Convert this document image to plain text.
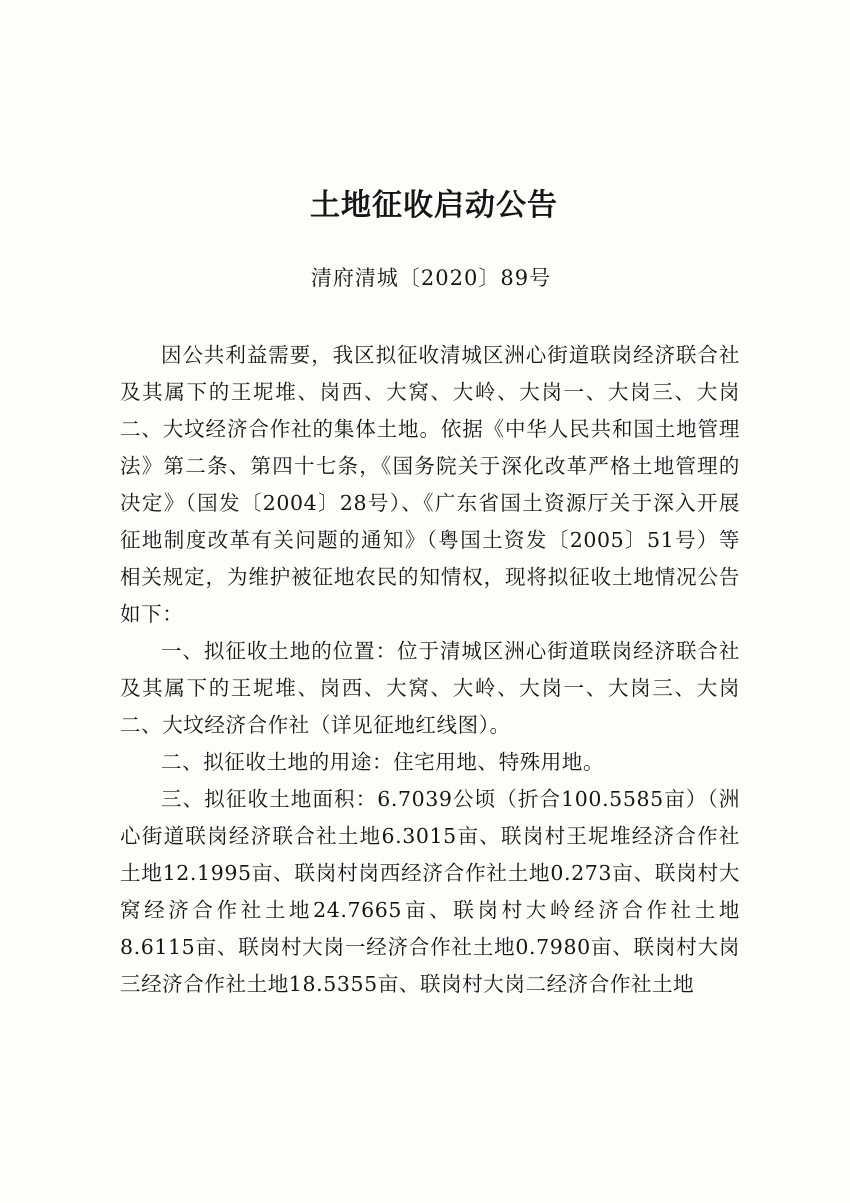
土地征收启动公告
清府清城〔2020〕89号

因公共利益需要，我区拟征收清城区洲心街道联岗经济联合社及其属下的王坭堆、岗西、大窝、大岭、大岗一、大岗三、大岗二、大坟经济合作社的集体土地。依据《中华人民共和国土地管理法》第二条、第四十七条，《国务院关于深化改革严格土地管理的决定》（国发〔2004〕28号）、《广东省国土资源厅关于深入开展征地制度改革有关问题的通知》（粤国土资发〔2005〕51号）等相关规定，为维护被征地农民的知情权，现将拟征收土地情况公告如下：

一、拟征收土地的位置：位于清城区洲心街道联岗经济联合社及其属下的王坭堆、岗西、大窝、大岭、大岗一、大岗三、大岗二、大坟经济合作社（详见征地红线图）。

二、拟征收土地的用途：住宅用地、特殊用地。

三、拟征收土地面积：6.7039公顷（折合100.5585亩）（洲心街道联岗经济联合社土地6.3015亩、联岗村王坭堆经济合作社土地12.1995亩、联岗村岗西经济合作社土地0.273亩、联岗村大窝经济合作社土地24.7665亩、联岗村大岭经济合作社土地8.6115亩、联岗村大岗一经济合作社土地0.7980亩、联岗村大岗三经济合作社土地18.5355亩、联岗村大岗二经济合作社土地
